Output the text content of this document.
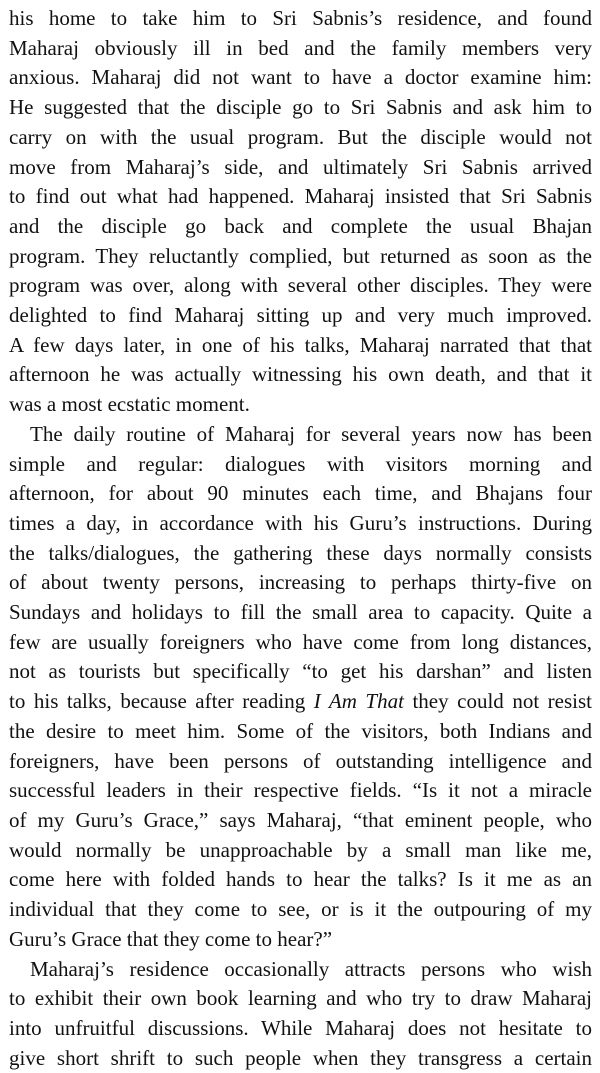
his home to take him to Sri Sabnis’s residence, and found
Maharaj obviously ill in bed and the family members very
anxious. Maharaj did not want to have a doctor examine him:
He suggested that the disciple go to Sri Sabnis and ask him to
carry on with the usual program. But the disciple would not
move from Maharaj’s side, and ultimately Sri Sabnis arrived
to find out what had happened. Maharaj insisted that Sri Sabnis
and the disciple go back and complete the usual Bhajan
program. They reluctantly complied, but returned as soon as the
program was over, along with several other disciples. They were
delighted to find Maharaj sitting up and very much improved.
A few days later, in one of his talks, Maharaj narrated that that
afternoon he was actually witnessing his own death, and that it
was a most ecstatic moment.
The daily routine of Maharaj for several years now has been
simple and regular: dialogues with visitors morning and
afternoon, for about 90 minutes each time, and Bhajans four
times a day, in accordance with his Guru’s instructions. During
the talks/dialogues, the gathering these days normally consists
of about twenty persons, increasing to perhaps thirty-five on
Sundays and holidays to fill the small area to capacity. Quite a
few are usually foreigners who have come from long distances,
not as tourists but specifically “to get his darshan” and listen
to his talks, because after reading I Am That they could not resist
the desire to meet him. Some of the visitors, both Indians and
foreigners, have been persons of outstanding intelligence and
successful leaders in their respective fields. “Is it not a miracle
of my Guru’s Grace,” says Maharaj, “that eminent people, who
would normally be unapproachable by a small man like me,
come here with folded hands to hear the talks? Is it me as an
individual that they come to see, or is it the outpouring of my
Guru’s Grace that they come to hear?”
Maharaj’s residence occasionally attracts persons who wish
to exhibit their own book learning and who try to draw Maharaj
into unfruitful discussions. While Maharaj does not hesitate to
give short shrift to such people when they transgress a certain
